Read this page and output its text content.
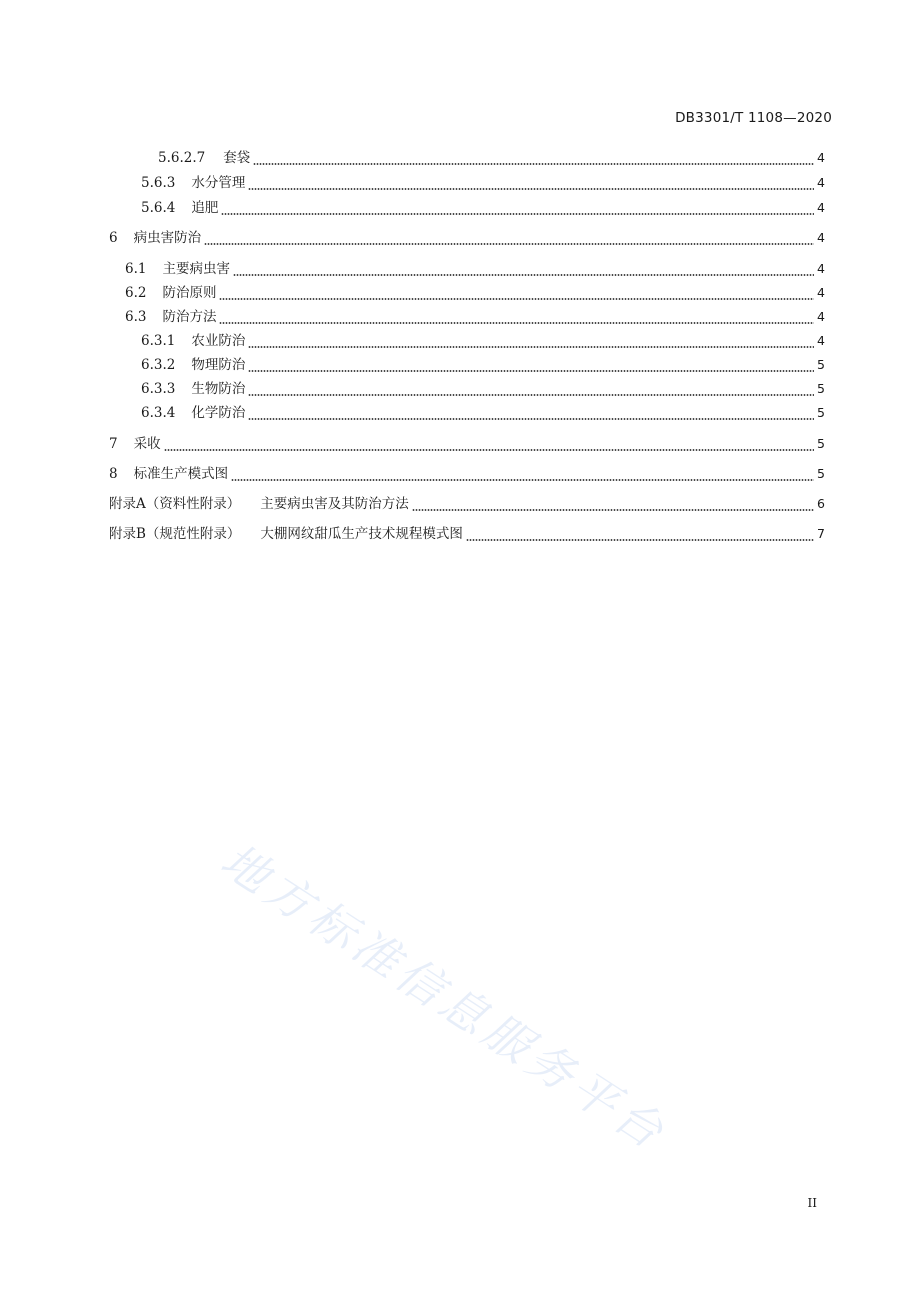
DB3301/T 1108—2020
5.6.2.7 套袋	4
5.6.3 水分管理	4
5.6.4 追肥	4
6 病虫害防治	4
6.1 主要病虫害	4
6.2 防治原则	4
6.3 防治方法	4
6.3.1 农业防治	4
6.3.2 物理防治	5
6.3.3 生物防治	5
6.3.4 化学防治	5
7 采收	5
8 标准生产模式图	5
附录A（资料性附录） 主要病虫害及其防治方法	6
附录B（规范性附录） 大棚网纹甜瓜生产技术规程模式图	7
地方标准信息服务平台
II
